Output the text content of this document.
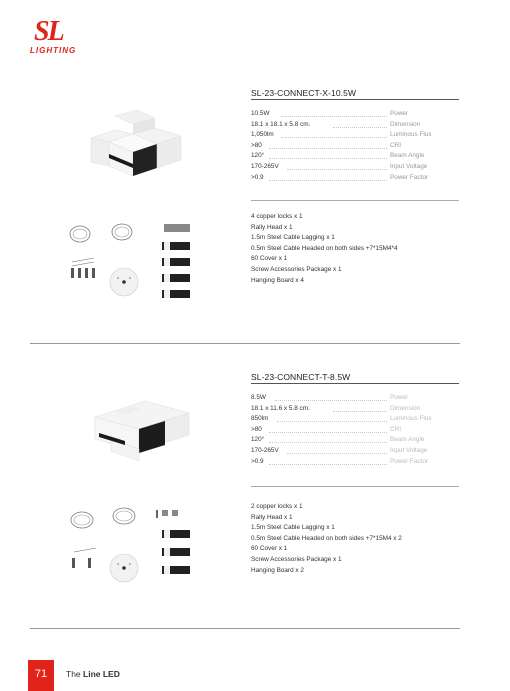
SL
LIGHTING
SL-23-CONNECT-X-10.5W
10.5W	Power
18.1 x 18.1 x 5.8 cm.	Dimension
1,050lm	Luminous Flux
>80	CRI
120°	Beam Angle
170-265V	Input Voltage
>0.9	Power Factor
4 copper locks x 1
Rally Head x 1
1.5m Steel Cable Lagging x 1
0.5m Steel Cable Headed on both sides +7*15M4*4
60 Cover x 1
Screw Accessories Package x 1
Hanging Board x 4
SL-23-CONNECT-T-8.5W
8.5W	Power
18.1 x 11.6 x 5.8 cm.	Dimension
850lm	Luminous Flux
>80	CRI
120°	Beam Angle
170-265V	Input Voltage
>0.9	Power Factor
2 copper locks x 1
Rally Head x 1
1.5m Steel Cable Lagging x 1
0.5m Steel Cable Headed on both sides +7*15M4 x 2
60 Cover x 1
Screw Accessories Package x 1
Hanging Board x 2
71	The Line LED
